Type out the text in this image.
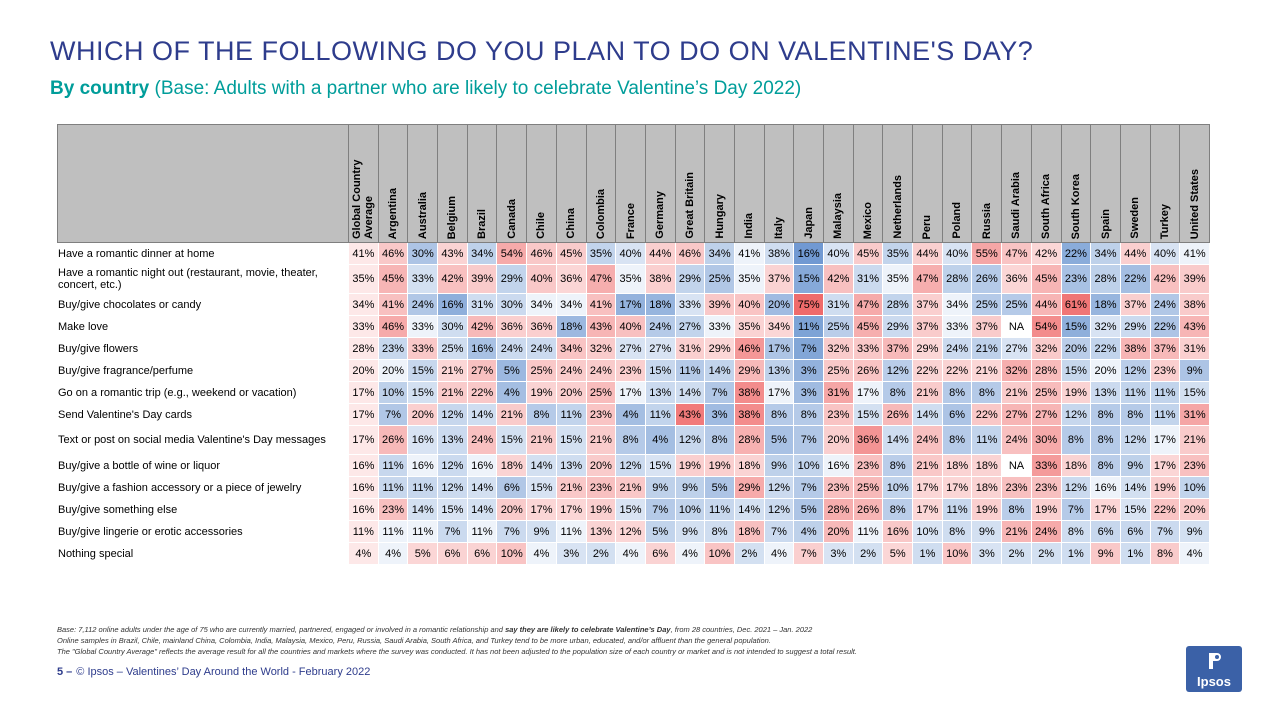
WHICH OF THE FOLLOWING DO YOU PLAN TO DO ON VALENTINE'S DAY?
By country (Base: Adults with a partner who are likely to celebrate Valentine’s Day 2022)

	Global Country Average	Argentina	Australia	Belgium	Brazil	Canada	Chile	China	Colombia	France	Germany	Great Britain	Hungary	India	Italy	Japan	Malaysia	Mexico	Netherlands	Peru	Poland	Russia	Saudi Arabia	South Africa	South Korea	Spain	Sweden	Turkey	United States

Have a romantic dinner at home	41%	46%	30%	43%	34%	54%	46%	45%	35%	40%	44%	46%	34%	41%	38%	16%	40%	45%	35%	44%	40%	55%	47%	42%	22%	34%	44%	40%	41%
Have a romantic night out (restaurant, movie, theater, concert, etc.)	35%	45%	33%	42%	39%	29%	40%	36%	47%	35%	38%	29%	25%	35%	37%	15%	42%	31%	35%	47%	28%	26%	36%	45%	23%	28%	22%	42%	39%
Buy/give chocolates or candy	34%	41%	24%	16%	31%	30%	34%	34%	41%	17%	18%	33%	39%	40%	20%	75%	31%	47%	28%	37%	34%	25%	25%	44%	61%	18%	37%	24%	38%
Make love	33%	46%	33%	30%	42%	36%	36%	18%	43%	40%	24%	27%	33%	35%	34%	11%	25%	45%	29%	37%	33%	37%	NA	54%	15%	32%	29%	22%	43%
Buy/give flowers	28%	23%	33%	25%	16%	24%	24%	34%	32%	27%	27%	31%	29%	46%	17%	7%	32%	33%	37%	29%	24%	21%	27%	32%	20%	22%	38%	37%	31%
Buy/give fragrance/perfume	20%	20%	15%	21%	27%	5%	25%	24%	24%	23%	15%	11%	14%	29%	13%	3%	25%	26%	12%	22%	22%	21%	32%	28%	15%	20%	12%	23%	9%
Go on a romantic trip (e.g., weekend or vacation)	17%	10%	15%	21%	22%	4%	19%	20%	25%	17%	13%	14%	7%	38%	17%	3%	31%	17%	8%	21%	8%	8%	21%	25%	19%	13%	11%	11%	15%
Send Valentine's Day cards	17%	7%	20%	12%	14%	21%	8%	11%	23%	4%	11%	43%	3%	38%	8%	8%	23%	15%	26%	14%	6%	22%	27%	27%	12%	8%	8%	11%	31%
Text or post on social media Valentine's Day messages	17%	26%	16%	13%	24%	15%	21%	15%	21%	8%	4%	12%	8%	28%	5%	7%	20%	36%	14%	24%	8%	11%	24%	30%	8%	8%	12%	17%	21%
Buy/give a bottle of wine or liquor	16%	11%	16%	12%	16%	18%	14%	13%	20%	12%	15%	19%	19%	18%	9%	10%	16%	23%	8%	21%	18%	18%	NA	33%	18%	8%	9%	17%	23%
Buy/give a fashion accessory or a piece of jewelry	16%	11%	11%	12%	14%	6%	15%	21%	23%	21%	9%	9%	5%	29%	12%	7%	23%	25%	10%	17%	17%	18%	23%	23%	12%	16%	14%	19%	10%
Buy/give something else	16%	23%	14%	15%	14%	20%	17%	17%	19%	15%	7%	10%	11%	14%	12%	5%	28%	26%	8%	17%	11%	19%	8%	19%	7%	17%	15%	22%	20%
Buy/give lingerie or erotic accessories	11%	11%	11%	7%	11%	7%	9%	11%	13%	12%	5%	9%	8%	18%	7%	4%	20%	11%	16%	10%	8%	9%	21%	24%	8%	6%	6%	7%	9%
Nothing special	4%	4%	5%	6%	6%	10%	4%	3%	2%	4%	6%	4%	10%	2%	4%	7%	3%	2%	5%	1%	10%	3%	2%	2%	1%	9%	1%	8%	4%
Base: 7,112 online adults under the age of 75 who are currently married, partnered, engaged or involved in a romantic relationship and say they are likely to celebrate Valentine’s Day, from 28 countries, Dec. 2021 – Jan. 2022
Online samples in Brazil, Chile, mainland China, Colombia, India, Malaysia, Mexico, Peru, Russia, Saudi Arabia, South Africa, and Turkey tend to be more urban, educated, and/or affluent than the general population.
The "Global Country Average" reflects the average result for all the countries and markets where the survey was conducted. It has not been adjusted to the population size of each country or market and is not intended to suggest a total result.
5 – © Ipsos – Valentines’ Day Around the World - February 2022
Ipsos
